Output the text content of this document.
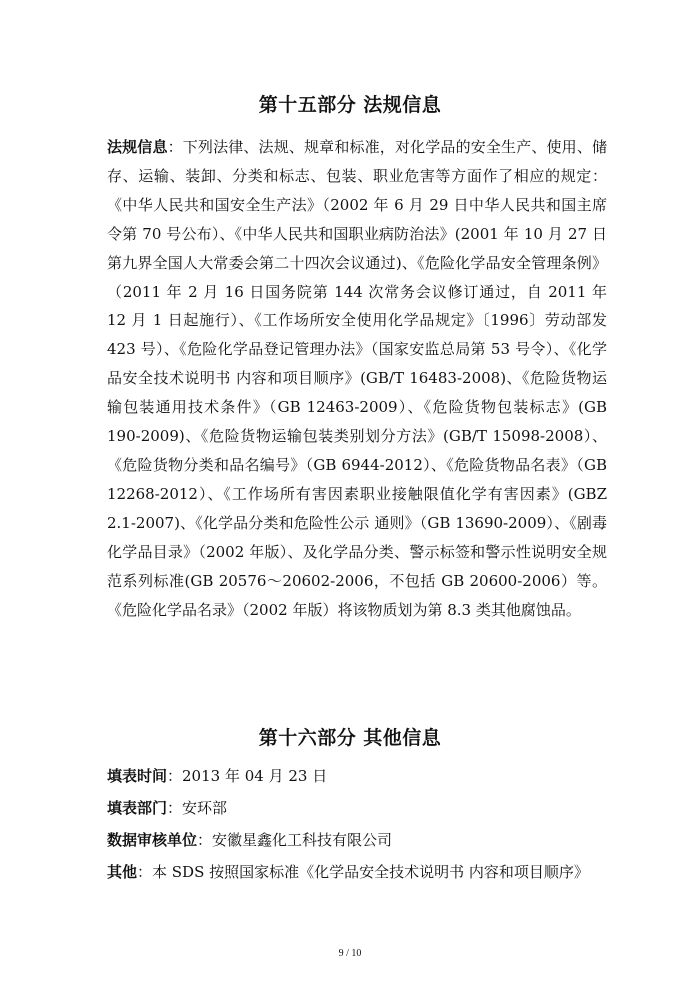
第十五部分 法规信息

法规信息：下列法律、法规、规章和标准，对化学品的安全生产、使用、储存、运输、装卸、分类和标志、包装、职业危害等方面作了相应的规定：《中华人民共和国安全生产法》（2002 年 6 月 29 日中华人民共和国主席令第 70 号公布）、《中华人民共和国职业病防治法》(2001 年 10 月 27 日第九界全国人大常委会第二十四次会议通过)、《危险化学品安全管理条例》（2011 年 2 月 16 日国务院第 144 次常务会议修订通过，自 2011 年 12 月 1 日起施行）、《工作场所安全使用化学品规定》〔1996〕劳动部发 423 号）、《危险化学品登记管理办法》（国家安监总局第 53 号令）、《化学品安全技术说明书 内容和项目顺序》(GB/T 16483-2008)、《危险货物运输包装通用技术条件》（GB 12463-2009）、《危险货物包装标志》(GB 190-2009)、《危险货物运输包装类别划分方法》(GB/T 15098-2008）、《危险货物分类和品名编号》（GB 6944-2012）、《危险货物品名表》（GB 12268-2012）、《工作场所有害因素职业接触限值化学有害因素》(GBZ 2.1-2007)、《化学品分类和危险性公示 通则》（GB 13690-2009）、《剧毒化学品目录》（2002 年版）、及化学品分类、警示标签和警示性说明安全规范系列标准(GB 20576～20602-2006，不包括 GB 20600-2006）等。《危险化学品名录》（2002 年版）将该物质划为第 8.3 类其他腐蚀品。

第十六部分 其他信息

填表时间：2013 年 04 月 23 日

填表部门：安环部

数据审核单位：安徽星鑫化工科技有限公司

其他：本 SDS 按照国家标准《化学品安全技术说明书 内容和项目顺序》

9 / 10
